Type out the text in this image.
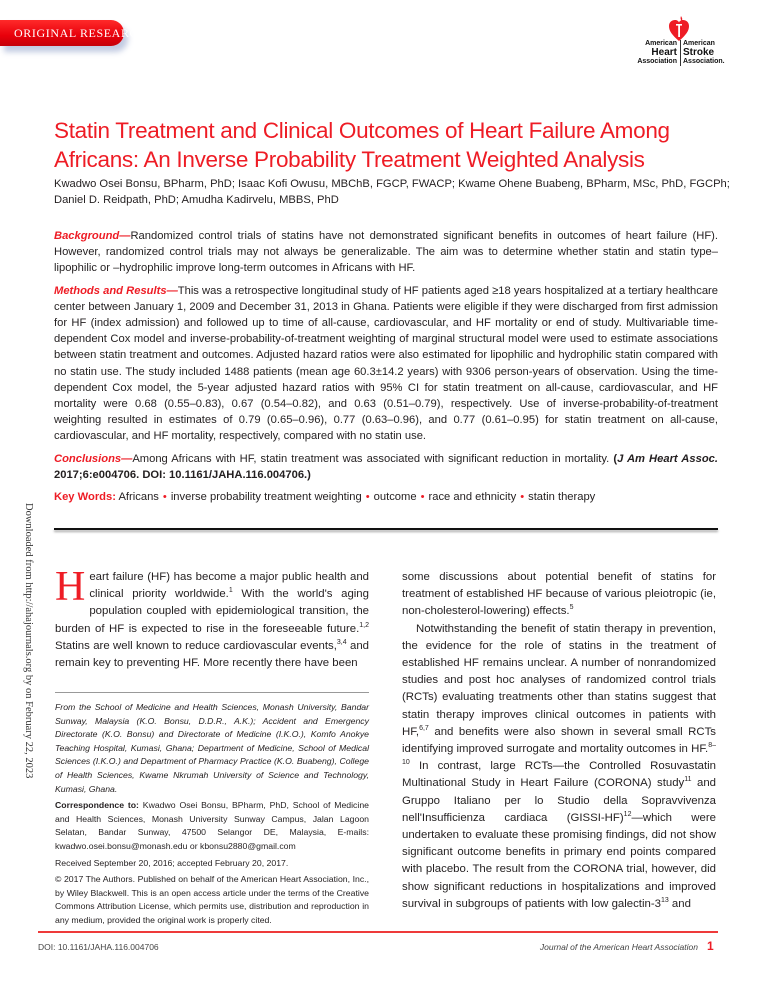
ORIGINAL RESEARCH
American
Heart
Association
American
Stroke
Association.
Statin Treatment and Clinical Outcomes of Heart Failure Among Africans: An Inverse Probability Treatment Weighted Analysis
Kwadwo Osei Bonsu, BPharm, PhD; Isaac Kofi Owusu, MBChB, FGCP, FWACP; Kwame Ohene Buabeng, BPharm, MSc, PhD, FGCPh; Daniel D. Reidpath, PhD; Amudha Kadirvelu, MBBS, PhD

Background—Randomized control trials of statins have not demonstrated significant benefits in outcomes of heart failure (HF). However, randomized control trials may not always be generalizable. The aim was to determine whether statin and statin type–lipophilic or –hydrophilic improve long-term outcomes in Africans with HF.

Methods and Results—This was a retrospective longitudinal study of HF patients aged ≥18 years hospitalized at a tertiary healthcare center between January 1, 2009 and December 31, 2013 in Ghana. Patients were eligible if they were discharged from first admission for HF (index admission) and followed up to time of all-cause, cardiovascular, and HF mortality or end of study. Multivariable time-dependent Cox model and inverse-probability-of-treatment weighting of marginal structural model were used to estimate associations between statin treatment and outcomes. Adjusted hazard ratios were also estimated for lipophilic and hydrophilic statin compared with no statin use. The study included 1488 patients (mean age 60.3±14.2 years) with 9306 person-years of observation. Using the time-dependent Cox model, the 5-year adjusted hazard ratios with 95% CI for statin treatment on all-cause, cardiovascular, and HF mortality were 0.68 (0.55–0.83), 0.67 (0.54–0.82), and 0.63 (0.51–0.79), respectively. Use of inverse-probability-of-treatment weighting resulted in estimates of 0.79 (0.65–0.96), 0.77 (0.63–0.96), and 0.77 (0.61–0.95) for statin treatment on all-cause, cardiovascular, and HF mortality, respectively, compared with no statin use.

Conclusions—Among Africans with HF, statin treatment was associated with significant reduction in mortality. (J Am Heart Assoc. 2017;6:e004706. DOI: 10.1161/JAHA.116.004706.)

Key Words: Africans • inverse probability treatment weighting • outcome • race and ethnicity • statin therapy

Downloaded from http://ahajournals.org by on February 22, 2023 Heart failure (HF) has become a major public health and clinical priority worldwide.$^1$ With the world's aging population coupled with epidemiological transition, the burden of HF is expected to rise in the foreseeable future.$^{1,2}$ Statins are well known to reduce cardiovascular events,$^{3,4}$ and remain key to preventing HF. More recently there have been

From the School of Medicine and Health Sciences, Monash University, Bandar Sunway, Malaysia (K.O. Bonsu, D.D.R., A.K.); Accident and Emergency Directorate (K.O. Bonsu) and Directorate of Medicine (I.K.O.), Komfo Anokye Teaching Hospital, Kumasi, Ghana; Department of Medicine, School of Medical Sciences (I.K.O.) and Department of Pharmacy Practice (K.O. Buabeng), College of Health Sciences, Kwame Nkrumah University of Science and Technology, Kumasi, Ghana.

Correspondence to: Kwadwo Osei Bonsu, BPharm, PhD, School of Medicine and Health Sciences, Monash University Sunway Campus, Jalan Lagoon Selatan, Bandar Sunway, 47500 Selangor DE, Malaysia, E-mails: kwadwo.osei.bonsu@monash.edu or kbonsu2880@gmail.com

Received September 20, 2016; accepted February 20, 2017.

© 2017 The Authors. Published on behalf of the American Heart Association, Inc., by Wiley Blackwell. This is an open access article under the terms of the Creative Commons Attribution License, which permits use, distribution and reproduction in any medium, provided the original work is properly cited.

some discussions about potential benefit of statins for treatment of established HF because of various pleiotropic (ie, non-cholesterol-lowering) effects.$^5$

Notwithstanding the benefit of statin therapy in prevention, the evidence for the role of statins in the treatment of established HF remains unclear. A number of nonrandomized studies and post hoc analyses of randomized control trials (RCTs) evaluating treatments other than statins suggest that statin therapy improves clinical outcomes in patients with HF,$^{6,7}$ and benefits were also shown in several small RCTs identifying improved surrogate and mortality outcomes in HF.$^{8-10}$ In contrast, large RCTs—the Controlled Rosuvastatin Multinational Study in Heart Failure (CORONA) study$^{11}$ and Gruppo Italiano per lo Studio della Sopravvivenza nell'Insufficienza cardiaca (GISSI-HF)$^{12}$—which were undertaken to evaluate these promising findings, did not show significant outcome benefits in primary end points compared with placebo. The result from the CORONA trial, however, did show significant reductions in hospitalizations and improved survival in subgroups of patients with low galectin-$3^{13}$ and

DOI: 10.1161/JAHA.116.004706	Journal of the American Heart Association 1
